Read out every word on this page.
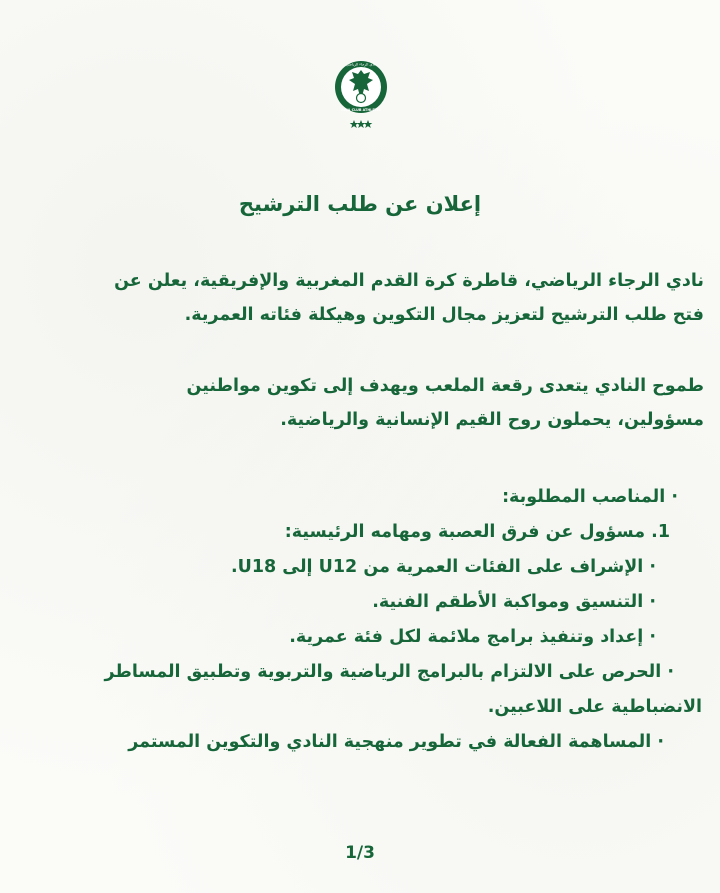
نادي الرجاء الرياضي
RAJA CLUB ATHLETIC
إعلان عن طلب الترشيح
نادي الرجاء الرياضي، قاطرة كرة القدم المغربية والإفريقية، يعلن عن
فتح طلب الترشيح لتعزيز مجال التكوين وهيكلة فئاته العمرية.
طموح النادي يتعدى رقعة الملعب ويهدف إلى تكوين مواطنين
مسؤولين، يحملون روح القيم الإنسانية والرياضية.
· المناصب المطلوبة:
1. مسؤول عن فرق العصبة ومهامه الرئيسية:
· الإشراف على الفئات العمرية من U12 إلى U18.
· التنسيق ومواكبة الأطقم الفنية.
· إعداد وتنفيذ برامج ملائمة لكل فئة عمرية.
· الحرص على الالتزام بالبرامج الرياضية والتربوية وتطبيق المساطر
الانضباطية على اللاعبين.
· المساهمة الفعالة في تطوير منهجية النادي والتكوين المستمر
1/3
